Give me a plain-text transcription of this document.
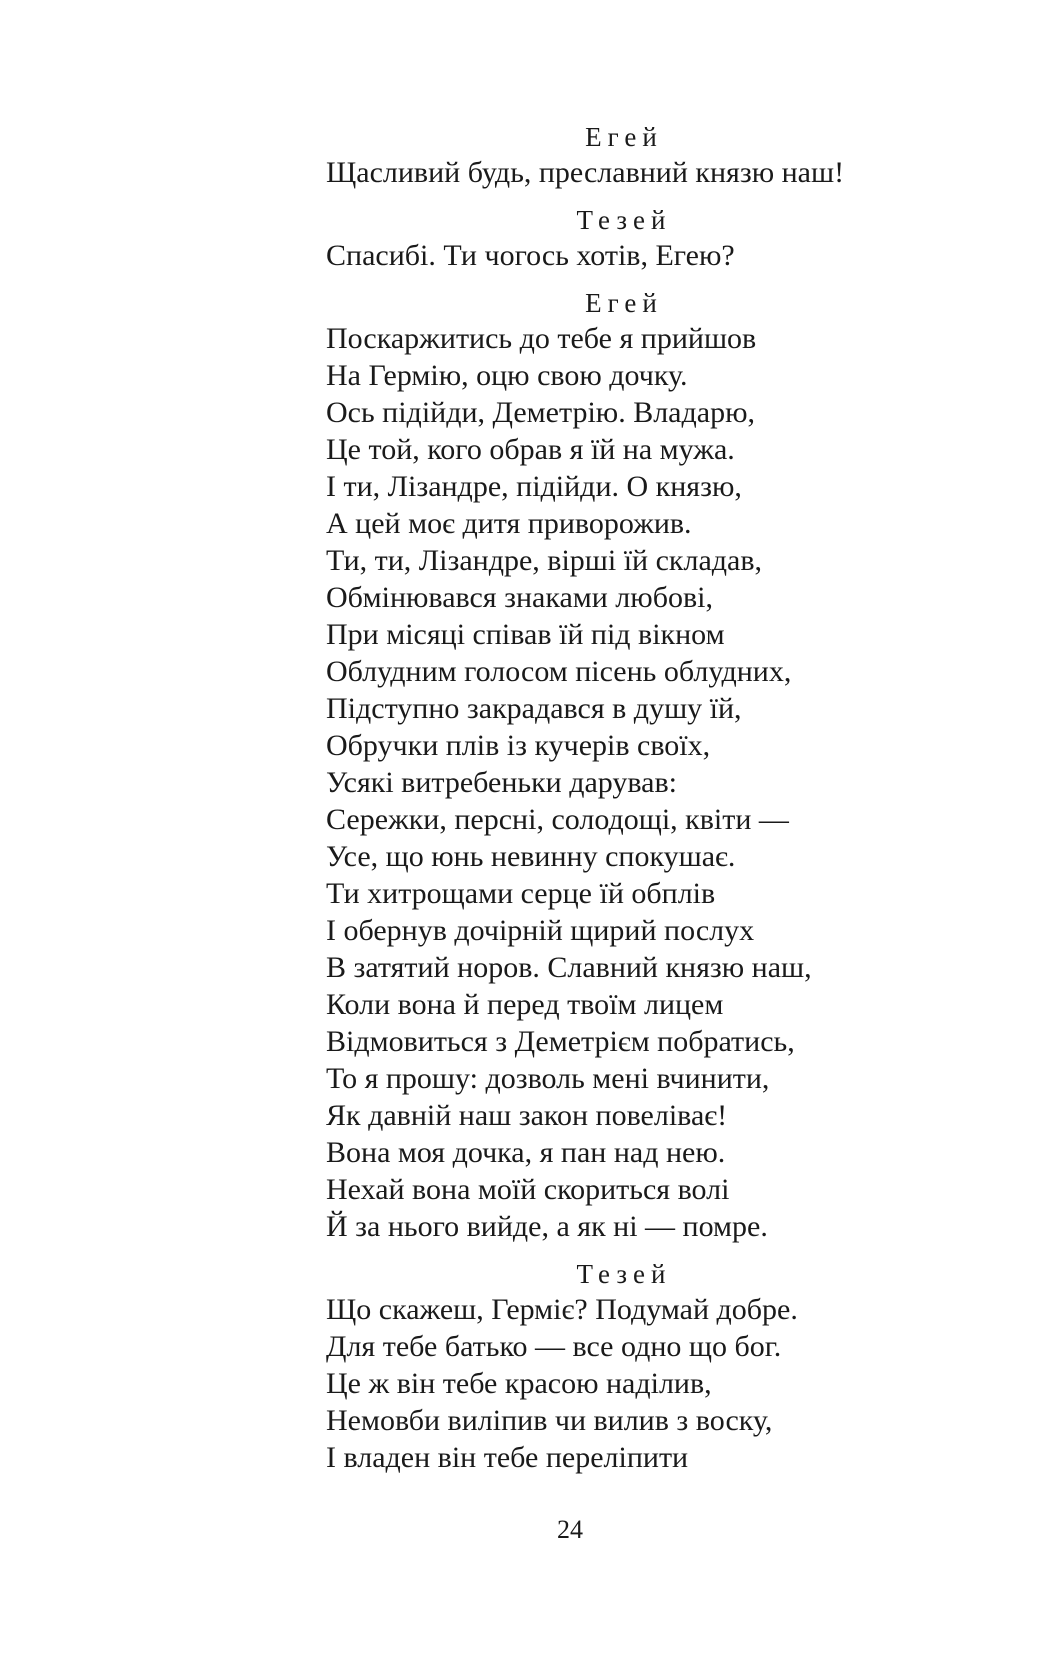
Егей
Щасливий будь, преславний князю наш!
Тезей
Спасибі. Ти чогось хотів, Егею?
Егей
Поскаржитись до тебе я прийшов
На Гермію, оцю свою дочку.
Ось підійди, Деметрію. Владарю,
Це той, кого обрав я їй на мужа.
І ти, Лізандре, підійди. О князю,
А цей моє дитя приворожив.
Ти, ти, Лізандре, вірші їй складав,
Обмінювався знаками любові,
При місяці співав їй під вікном
Облудним голосом пісень облудних,
Підступно закрадався в душу їй,
Обручки плів із кучерів своїх,
Усякі витребеньки дарував:
Сережки, персні, солодощі, квіти —
Усе, що юнь невинну спокушає.
Ти хитрощами серце їй обплів
І обернув дочірній щирий послух
В затятий норов. Славний князю наш,
Коли вона й перед твоїм лицем
Відмовиться з Деметрієм побратись,
То я прошу: дозволь мені вчинити,
Як давній наш закон повеліває!
Вона моя дочка, я пан над нею.
Нехай вона моїй скориться волі
Й за нього вийде, а як ні — помре.
Тезей
Що скажеш, Герміє? Подумай добре.
Для тебе батько — все одно що бог.
Це ж він тебе красою наділив,
Немовби виліпив чи вилив з воску,
І владен він тебе переліпити
24
